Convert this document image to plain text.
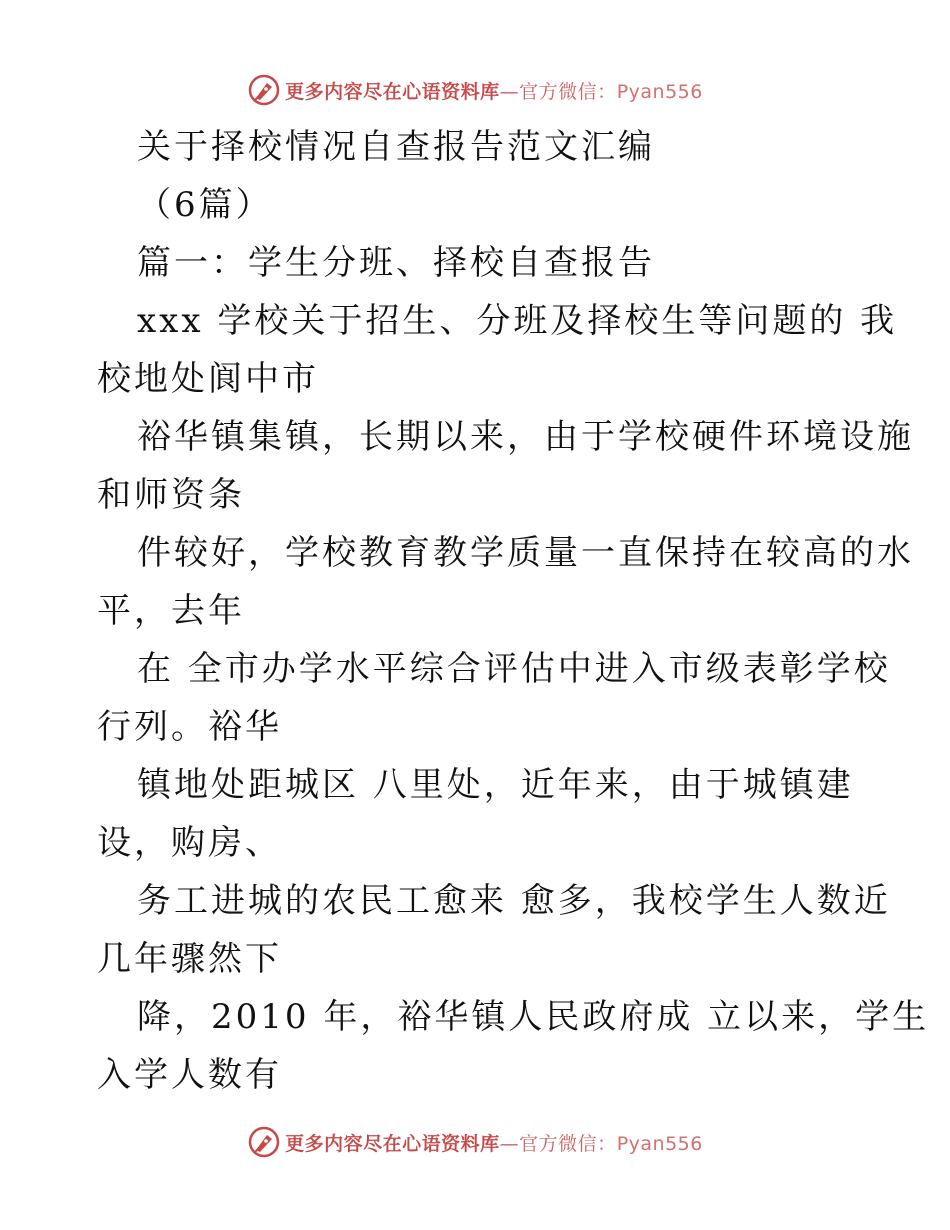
更多内容尽在心语资料库—官方微信：Pyan556
关于择校情况自查报告范文汇编
（6篇）
篇一：学生分班、择校自查报告
xxx 学校关于招生、分班及择校生等问题的 我
校地处阆中市
裕华镇集镇，长期以来，由于学校硬件环境设施
和师资条
件较好，学校教育教学质量一直保持在较高的水
平，去年
在 全市办学水平综合评估中进入市级表彰学校
行列。裕华
镇地处距城区 八里处，近年来，由于城镇建
设，购房、
务工进城的农民工愈来 愈多，我校学生人数近
几年骤然下
降，2010 年，裕华镇人民政府成 立以来，学生
入学人数有
更多内容尽在心语资料库—官方微信：Pyan556
